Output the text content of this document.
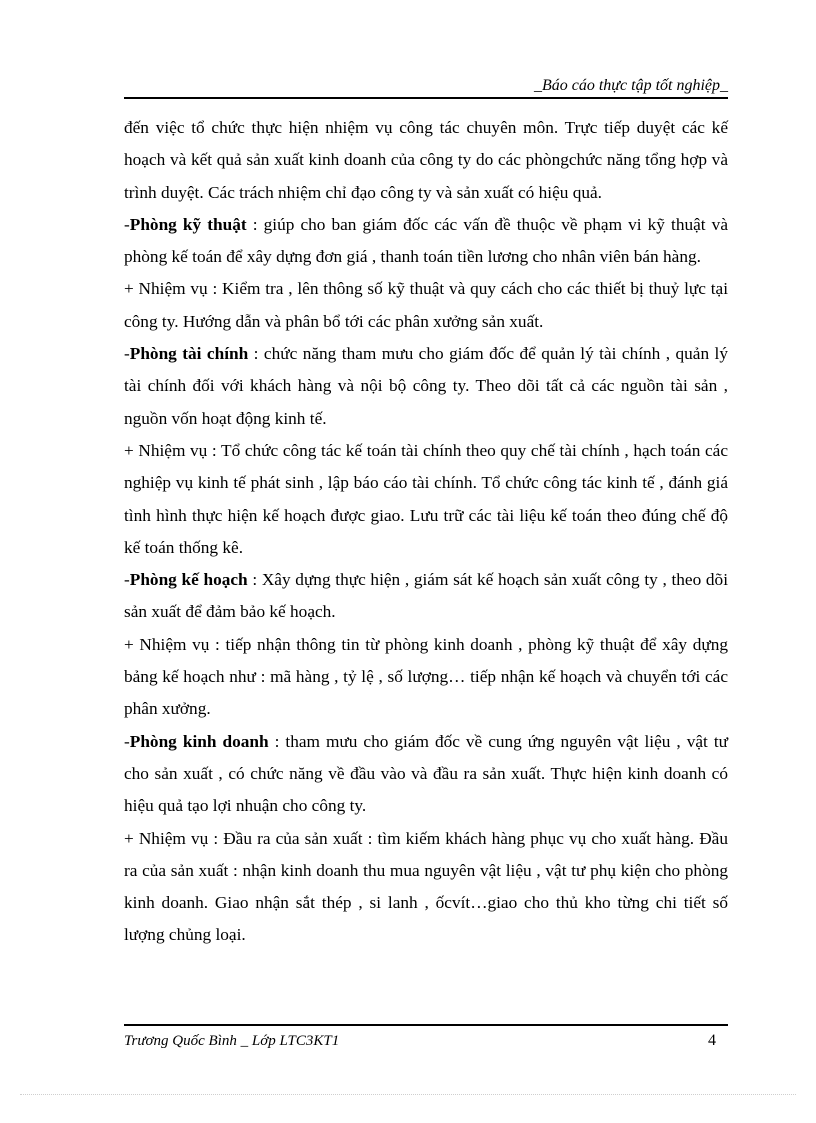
_Báo cáo thực tập tốt nghiệp_

đến việc tổ chức thực hiện nhiệm vụ công tác chuyên môn. Trực tiếp duyệt các kế hoạch và kết quả sản xuất kinh doanh của công ty do các phòngchức năng tổng hợp và trình duyệt. Các trách nhiệm chỉ đạo công ty và sản xuất có hiệu quả.

-Phòng kỹ thuật : giúp cho ban giám đốc các vấn đề thuộc về phạm vi kỹ thuật và phòng kế toán để xây dựng đơn giá , thanh toán tiền lương cho nhân viên bán hàng.

+ Nhiệm vụ : Kiểm tra , lên thông số kỹ thuật và quy cách cho các thiết bị thuỷ lực tại công ty. Hướng dẫn và phân bổ tới các phân xưởng sản xuất.

-Phòng tài chính : chức năng tham mưu cho giám đốc để quản lý tài chính , quản lý tài chính đối với khách hàng và nội bộ công ty. Theo dõi tất cả các nguồn tài sản , nguồn vốn hoạt động kinh tế.

+ Nhiệm vụ : Tổ chức công tác kế toán tài chính theo quy chế tài chính , hạch toán các nghiệp vụ kinh tế phát sinh , lập báo cáo tài chính. Tổ chức công tác kinh tế , đánh giá tình hình thực hiện kế hoạch được giao. Lưu trữ các tài liệu kế toán theo đúng chế độ kế toán thống kê.

-Phòng kế hoạch : Xây dựng thực hiện , giám sát kế hoạch sản xuất công ty , theo dõi sản xuất để đảm bảo kế hoạch.

+ Nhiệm vụ : tiếp nhận thông tin từ phòng kinh doanh , phòng kỹ thuật để xây dựng bảng kế hoạch như : mã hàng , tỷ lệ , số lượng… tiếp nhận kế hoạch và chuyển tới các phân xưởng.

-Phòng kinh doanh : tham mưu cho giám đốc về cung ứng nguyên vật liệu , vật tư cho sản xuất , có chức năng về đầu vào và đầu ra sản xuất. Thực hiện kinh doanh có hiệu quả tạo lợi nhuận cho công ty.

+ Nhiệm vụ : Đầu ra của sản xuất : tìm kiếm khách hàng phục vụ cho xuất hàng. Đầu ra của sản xuất : nhận kinh doanh thu mua nguyên vật liệu , vật tư phụ kiện cho phòng kinh doanh. Giao nhận sắt thép , si lanh , ốcvít…giao cho thủ kho từng chi tiết số lượng chủng loại.

Trương Quốc Bình _ Lớp LTC3KT1	4
